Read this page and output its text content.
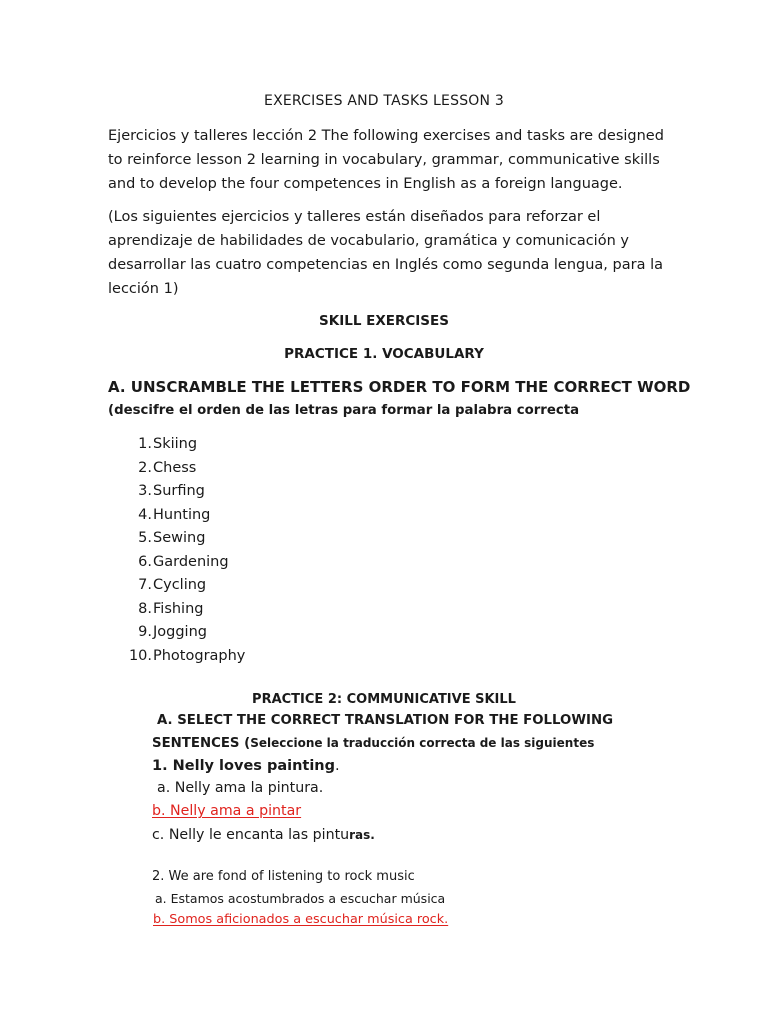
EXERCISES AND TASKS LESSON 3

Ejercicios y talleres lección 2 The following exercises and tasks are designed to reinforce lesson 2 learning in vocabulary, grammar, communicative skills and to develop the four competences in English as a foreign language.

(Los siguientes ejercicios y talleres están diseñados para reforzar el aprendizaje de habilidades de vocabulario, gramática y comunicación y desarrollar las cuatro competencias en Inglés como segunda lengua, para la lección 1)

SKILL EXERCISES
PRACTICE 1. VOCABULARY
A. UNSCRAMBLE THE LETTERS ORDER TO FORM THE CORRECT WORD
(descifre el orden de las letras para formar la palabra correcta
1. Skiing
2. Chess
3. Surfing
4. Hunting
5. Sewing
6. Gardening
7. Cycling
8. Fishing
9. Jogging
10. Photography
PRACTICE 2: COMMUNICATIVE SKILL
A. SELECT THE CORRECT TRANSLATION FOR THE FOLLOWING
SENTENCES (Seleccione la traducción correcta de las siguientes
1. Nelly loves painting.
a. Nelly ama la pintura.
b. Nelly ama a pintar
c. Nelly le encanta las pinturas.
2. We are fond of listening to rock music
a. Estamos acostumbrados a escuchar música
b. Somos aficionados a escuchar música rock.
